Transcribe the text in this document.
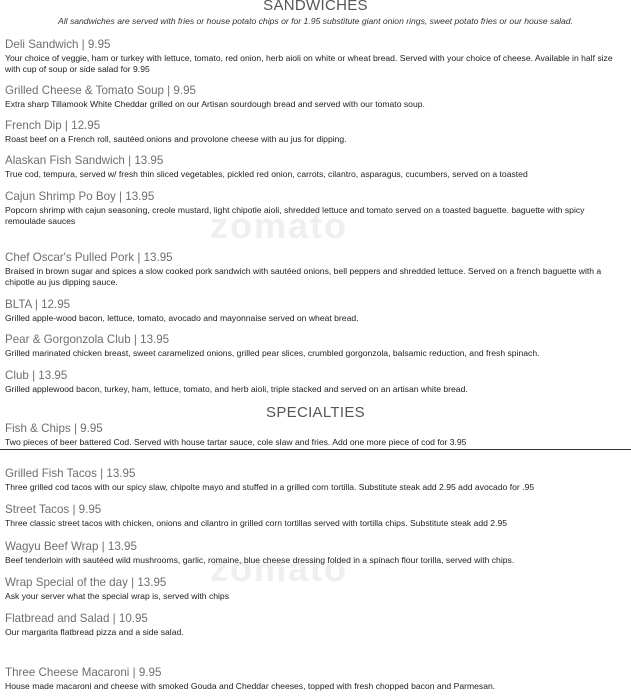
zomato
zomato
SANDWICHES
All sandwiches are served with fries or house potato chips or for 1.95 substitute giant onion rings, sweet potato fries or our house salad.
Deli Sandwich | 9.95
Your choice of veggie, ham or turkey with lettuce, tomato, red onion, herb aioli on white or wheat bread. Served with your choice of cheese. Available in half size with cup of soup or side salad for 9.95
Grilled Cheese & Tomato Soup | 9.95
Extra sharp Tillamook White Cheddar grilled on our Artisan sourdough bread and served with our tomato soup.
French Dip | 12.95
Roast beef on a French roll, sautéed onions and provolone cheese with au jus for dipping.
Alaskan Fish Sandwich | 13.95
True cod, tempura, served w/ fresh thin sliced vegetables, pickled red onion, carrots, cilantro, asparagus, cucumbers, served on a toasted
Cajun Shrimp Po Boy | 13.95
Popcorn shrimp with cajun seasoning, creole mustard, light chipotle aioli, shredded lettuce and tomato served on a toasted baguette. baguette with spicy remoulade sauces
Chef Oscar's Pulled Pork | 13.95
Braised in brown sugar and spices a slow cooked pork sandwich with sautéed onions, bell peppers and shredded lettuce. Served on a french baguette with a chipotle au jus dipping sauce.
BLTA | 12.95
Grilled apple-wood bacon, lettuce, tomato, avocado and mayonnaise served on wheat bread.
Pear & Gorgonzola Club | 13.95
Grilled marinated chicken breast, sweet caramelized onions, grilled pear slices, crumbled gorgonzola, balsamic reduction, and fresh spinach.
Club | 13.95
Grilled applewood bacon, turkey, ham, lettuce, tomato, and herb aioli, triple stacked and served on an artisan white bread.
SPECIALTIES
Fish & Chips | 9.95
Two pieces of beer battered Cod. Served with house tartar sauce, cole slaw and fries. Add one more piece of cod for 3.95
Grilled Fish Tacos | 13.95
Three grilled cod tacos with our spicy slaw, chipolte mayo and stuffed in a grilled corn tortilla. Substitute steak add 2.95 add avocado for .95
Street Tacos | 9.95
Three classic street tacos with chicken, onions and cilantro in grilled corn tortillas served with tortilla chips. Substitute steak add 2.95
Wagyu Beef Wrap | 13.95
Beef tenderloin with sautéed wild mushrooms, garlic, romaine, blue cheese dressing folded in a spinach flour torilla, served with chips.
Wrap Special of the day | 13.95
Ask your server what the special wrap is, served with chips
Flatbread and Salad | 10.95
Our margarita flatbread pizza and a side salad.
Three Cheese Macaroni | 9.95
House made macaroni and cheese with smoked Gouda and Cheddar cheeses, topped with fresh chopped bacon and Parmesan.
